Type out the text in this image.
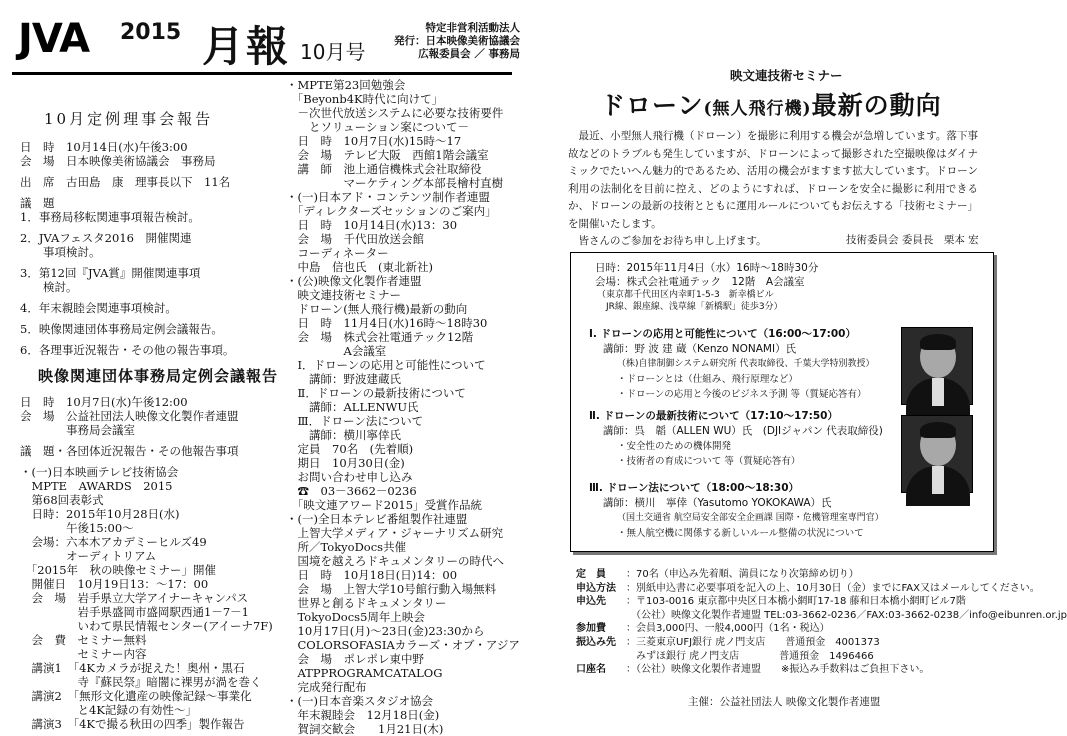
JVA 2015 月報 10月号
特定非営利活動法人
発行：日本映像美術協議会
広報委員会 ／ 事務局
10月定例理事会報告
日　時　10月14日(水)午後3:00
会　場　日本映像美術協議会　事務局
出　席　古田島　康　理事長以下　11名
議　題
1．事務局移転関連事項報告検討。
2．JVAフェスタ2016　開催関連
　　事項検討。
3．第12回『JVA賞』開催関連事項
　　検討。
4．年末親睦会関連事項検討。
5．映像関連団体事務局定例会議報告。
6．各理事近況報告・その他の報告事項。
映像関連団体事務局定例会議報告
日　時　10月7日(水)午後12:00
会　場　公益社団法人映像文化製作者連盟
　　　　事務局会議室
議　題・各団体近況報告・その他報告事項
・(一)日本映画テレビ技術協会
　MPTE　AWARDS　2015
　第68回表彰式
　日時：2015年10月28日(水)
　　　　午後15:00～
　会場：六本木アカデミーヒルズ49
　　　　オーディトリアム
　「2015年　秋の映像セミナー」開催
　開催日　10月19日13：～17：00
　会　場　岩手県立大学アイナーキャンパス
　　　　　岩手県盛岡市盛岡駅西通1－7－1
　　　　　いわて県民情報センター(アイーナ7F)
　会　費　セミナー無料
　　　　　セミナー内容
　講演1　「4Kカメラが捉えた！奥州・黒石
　　　　　寺『蘇民祭』暗闇に裸男が渦を巻く
　講演2　「無形文化遺産の映像記録～事業化
　　　　　と4K記録の有効性～」
　講演3　「4Kで撮る秋田の四季」製作報告
・MPTE第23回勉強会
　「Beyonb4K時代に向けて」
　－次世代放送システムに必要な技術要件
　　とソリューション案について－
　日　時　10月7日(水)15時～17
　会　場　テレビ大阪　西館1階会議室
　講　師　池上通信機株式会社取締役
　　　　　マーケティング本部長檜村直樹
・(一)日本アド・コンテンツ制作者連盟
　「ディレクターズセッションのご案内」
　日　時　10月14日(水)13：30
　会　場　千代田放送会館
　コーディネーター
　中島　信也氏　(東北新社)
・(公)映像文化製作者連盟
　映文連技術セミナー
　ドローン(無人飛行機)最新の動向
　日　時　11月4日(水)16時～18時30
　会　場　株式会社電通テック12階
　　　　　A会議室
　Ⅰ．ドローンの応用と可能性について
　　講師：野波建蔵氏
　Ⅱ．ドローンの最新技術について
　　講師：ALLENWU氏
　Ⅲ．ドローン法について
　　講師：横川寧倖氏
　定員　70名　(先着順)
　期日　10月30日(金)
　お問い合わせ申し込み
　☎　03－3662－0236
　「映文連アワード2015」受賞作品統
・(一)全日本テレビ番組製作社連盟
　上智大学メディア・ジャーナリズム研究
　所／TokyoDocs共催
　国境を越えろドキュメンタリーの時代へ
　日　時　10月18日(日)14：00
　会　場　上智大学10号館行動入場無料
　世界と創るドキュメンタリー
　TokyoDocs5周年上映会
　10月17日(月)～23日(金)23:30から
　COLORSOFASIAカラーズ・オブ・アジア
　会　場　ポレポレ東中野
　ATPPROGRAMCATALOG
　完成発行配布
・(一)日本音楽スタジオ協会
　年末親睦会　12月18日(金)
　賀詞交歓会　　1月21日(木)
映文連技術セミナー
ドローン(無人飛行機)最新の動向
　最近、小型無人飛行機（ドローン）を撮影に利用する機会が急増しています。落下事故などのトラブルも発生していますが、ドローンによって撮影された空撮映像はダイナミックでたいへん魅力的であるため、活用の機会がますます拡大しています。ドローン利用の法制化を目前に控え、どのようにすれば、ドローンを安全に撮影に利用できるか、ドローンの最新の技術とともに運用ルールについてもお伝えする「技術セミナー」を開催いたします。
　皆さんのご参加をお待ち申し上げます。	技術委員会 委員長　栗本 宏
日時：2015年11月4日（水）16時～18時30分
会場：株式会社電通テック　12階　A会議室
（東京都千代田区内幸町1-5-3　新幸橋ビル
　JR線、銀座線、浅草線「新橋駅」徒歩3分）
Ⅰ. ドローンの応用と可能性について（16:00～17:00）
講師：野 波 建 蔵（Kenzo NONAMI）氏
（株)自律制御システム研究所 代表取締役、千葉大学特別教授）
・ドローンとは（仕組み、飛行原理など）
・ドローンの応用と今後のビジネス予測 等（質疑応答有）
Ⅱ. ドローンの最新技術について（17:10～17:50）
講師：呉　韜（ALLEN WU）氏　(DJIジャパン 代表取締役)
・安全性のための機体開発
・技術者の育成について 等（質疑応答有）
Ⅲ. ドローン法について（18:00～18:30）
講師：横川　寧倖（Yasutomo YOKOKAWA）氏
（国土交通省 航空局安全部安全企画課 国際・危機管理室専門官）
・無人航空機に関係する新しいルール整備の状況について
定　員	：70名（申込み先着順、満員になり次第締め切り）
申込方法	：別紙申込書に必要事項を記入の上、10月30日（金）までにFAX又はメールしてください。
申込先	：〒103-0016 東京都中央区日本橋小網町17-18 藤和日本橋小網町ビル7階
　（公社）映像文化製作者連盟 TEL:03-3662-0236／FAX:03-3662-0238／info@eibunren.or.jp
参加費	：会員3,000円、一般4,000円（1名・税込）
振込み先	：三菱東京UFJ銀行 虎ノ門支店　　普通預金　4001373
　みずほ銀行 虎ノ門支店　　　　普通預金　1496466
口座名	：（公社）映像文化製作者連盟　　※振込み手数料はご負担下さい。
主催：公益社団法人 映像文化製作者連盟
